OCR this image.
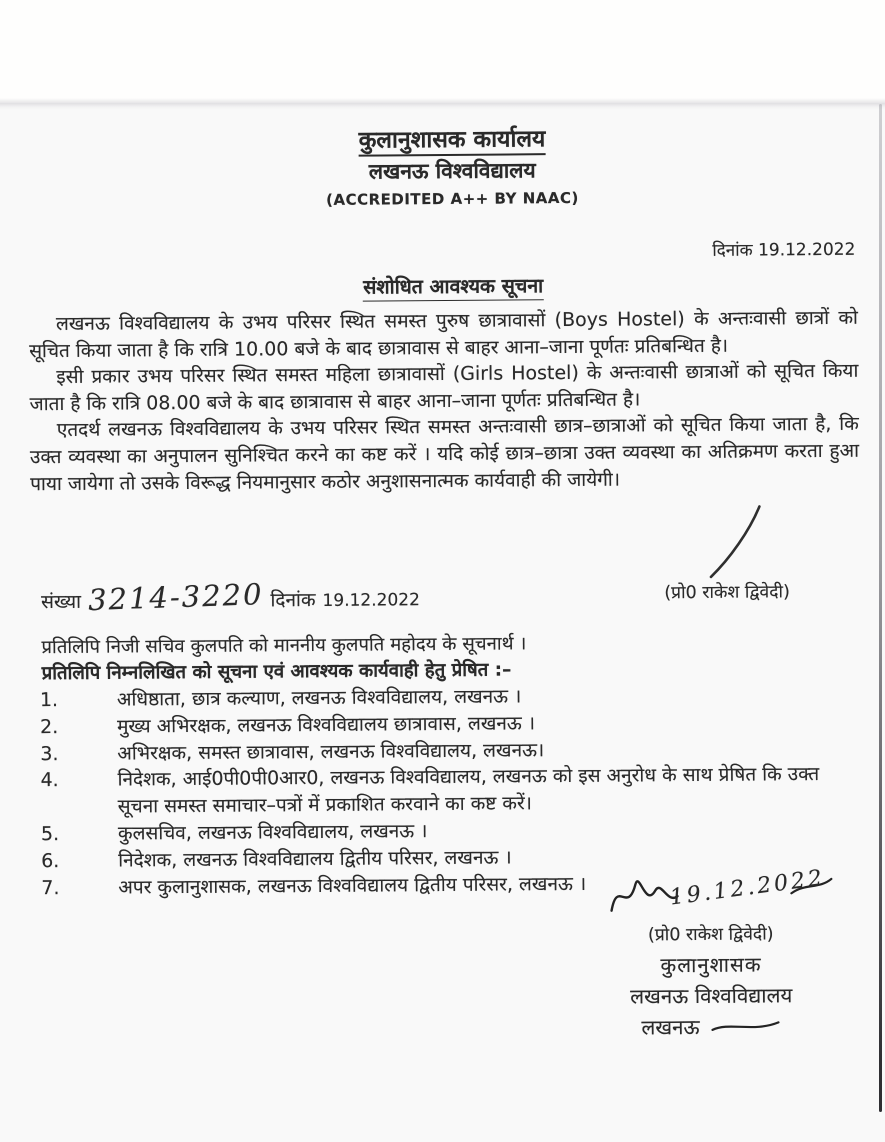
कुलानुशासक कार्यालय
लखनऊ विश्वविद्यालय
(ACCREDITED A++ BY NAAC)
दिनांक 19.12.2022
संशोधित आवश्यक सूचना

लखनऊ विश्वविद्यालय के उभय परिसर स्थित समस्त पुरुष छात्रावासों (Boys Hostel) के अन्तःवासी छात्रों को सूचित किया जाता है कि रात्रि 10.00 बजे के बाद छात्रावास से बाहर आना–जाना पूर्णतः प्रतिबन्धित है।

इसी प्रकार उभय परिसर स्थित समस्त महिला छात्रावासों (Girls Hostel) के अन्तःवासी छात्राओं को सूचित किया जाता है कि रात्रि 08.00 बजे के बाद छात्रावास से बाहर आना–जाना पूर्णतः प्रतिबन्धित है।

एतदर्थ लखनऊ विश्वविद्यालय के उभय परिसर स्थित समस्त अन्तःवासी छात्र–छात्राओं को सूचित किया जाता है, कि उक्त व्यवस्था का अनुपालन सुनिश्चित करने का कष्ट करें । यदि कोई छात्र–छात्रा उक्त व्यवस्था का अतिक्रमण करता हुआ पाया जायेगा तो उसके विरूद्ध नियमानुसार कठोर अनुशासनात्मक कार्यवाही की जायेगी।

(प्रो0 राकेश द्विवेदी)
संख्या 3214-3220 दिनांक 19.12.2022
प्रतिलिपि निजी सचिव कुलपति को माननीय कुलपति महोदय के सूचनार्थ ।
प्रतिलिपि निम्नलिखित को सूचना एवं आवश्यक कार्यवाही हेतु प्रेषित :–
1.	अधिष्ठाता, छात्र कल्याण, लखनऊ विश्वविद्यालय, लखनऊ ।
2.	मुख्य अभिरक्षक, लखनऊ विश्वविद्यालय छात्रावास, लखनऊ ।
3.	अभिरक्षक, समस्त छात्रावास, लखनऊ विश्वविद्यालय, लखनऊ।
4.	निदेशक, आई0पी0पी0आर0, लखनऊ विश्वविद्यालय, लखनऊ को इस अनुरोध के साथ प्रेषित कि उक्त सूचना समस्त समाचार–पत्रों में प्रकाशित करवाने का कष्ट करें।
5.	कुलसचिव, लखनऊ विश्वविद्यालय, लखनऊ ।
6.	निदेशक, लखनऊ विश्वविद्यालय द्वितीय परिसर, लखनऊ ।
7.	अपर कुलानुशासक, लखनऊ विश्वविद्यालय द्वितीय परिसर, लखनऊ ।	19.12.2022
(प्रो0 राकेश द्विवेदी)
कुलानुशासक
लखनऊ विश्वविद्यालय
लखनऊ
